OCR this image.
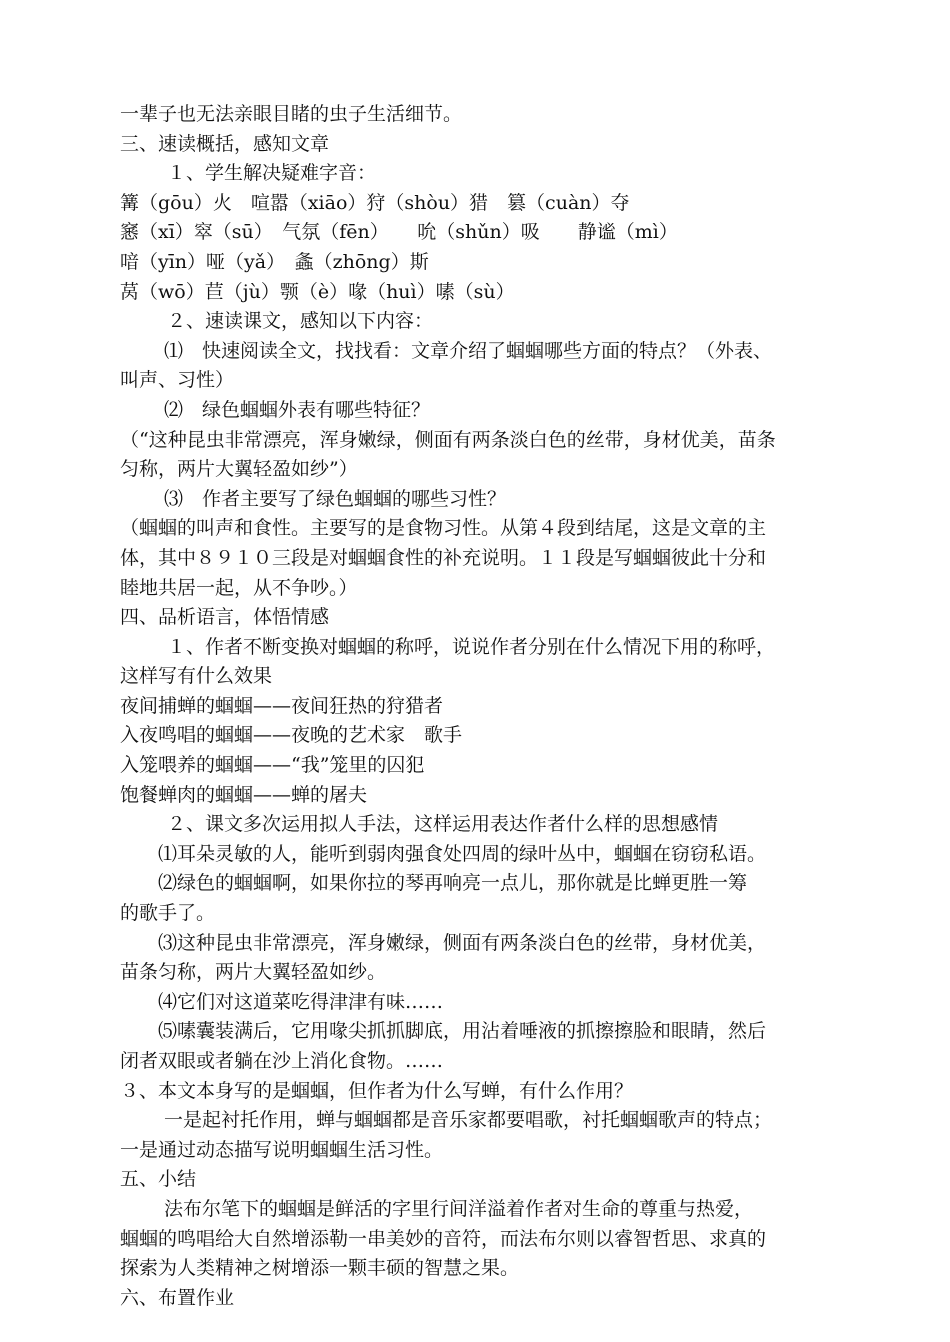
一辈子也无法亲眼目睹的虫子生活细节。
三、速读概括，感知文章
１、学生解决疑难字音：
篝（gōu）火　喧嚣（xiāo）狩（shòu）猎　篡（cuàn）夺
窸（xī）窣（sū）　气氛（fēn）　　吮（shǔn）吸　　静谧（mì）
喑（yīn）哑（yǎ）　螽（zhōng）斯
莴（wō）苣（jù）颚（è）喙（huì）嗉（sù）
２、速读课文，感知以下内容：
⑴　快速阅读全文，找找看：文章介绍了蝈蝈哪些方面的特点？（外表、
叫声、习性）
⑵　绿色蝈蝈外表有哪些特征？
（“这种昆虫非常漂亮，浑身嫩绿，侧面有两条淡白色的丝带，身材优美，苗条
匀称，两片大翼轻盈如纱”）
⑶　作者主要写了绿色蝈蝈的哪些习性？
（蝈蝈的叫声和食性。主要写的是食物习性。从第４段到结尾，这是文章的主
体，其中８９１０三段是对蝈蝈食性的补充说明。１１段是写蝈蝈彼此十分和
睦地共居一起，从不争吵。）
四、品析语言，体悟情感
１、作者不断变换对蝈蝈的称呼，说说作者分别在什么情况下用的称呼，
这样写有什么效果
夜间捕蝉的蝈蝈——夜间狂热的狩猎者
入夜鸣唱的蝈蝈——夜晚的艺术家　歌手
入笼喂养的蝈蝈——“我”笼里的囚犯
饱餐蝉肉的蝈蝈——蝉的屠夫
２、课文多次运用拟人手法，这样运用表达作者什么样的思想感情
⑴耳朵灵敏的人，能听到弱肉强食处四周的绿叶丛中，蝈蝈在窃窃私语。
⑵绿色的蝈蝈啊，如果你拉的琴再响亮一点儿，那你就是比蝉更胜一筹
的歌手了。
⑶这种昆虫非常漂亮，浑身嫩绿，侧面有两条淡白色的丝带，身材优美，
苗条匀称，两片大翼轻盈如纱。
⑷它们对这道菜吃得津津有味……
⑸嗉囊装满后，它用喙尖抓抓脚底，用沾着唾液的抓擦擦脸和眼睛，然后
闭者双眼或者躺在沙上消化食物。……
３、本文本身写的是蝈蝈，但作者为什么写蝉，有什么作用？
一是起衬托作用，蝉与蝈蝈都是音乐家都要唱歌，衬托蝈蝈歌声的特点；
一是通过动态描写说明蝈蝈生活习性。
五、小结
法布尔笔下的蝈蝈是鲜活的字里行间洋溢着作者对生命的尊重与热爱，
蝈蝈的鸣唱给大自然增添勒一串美妙的音符，而法布尔则以睿智哲思、求真的
探索为人类精神之树增添一颗丰硕的智慧之果。
六、布置作业
